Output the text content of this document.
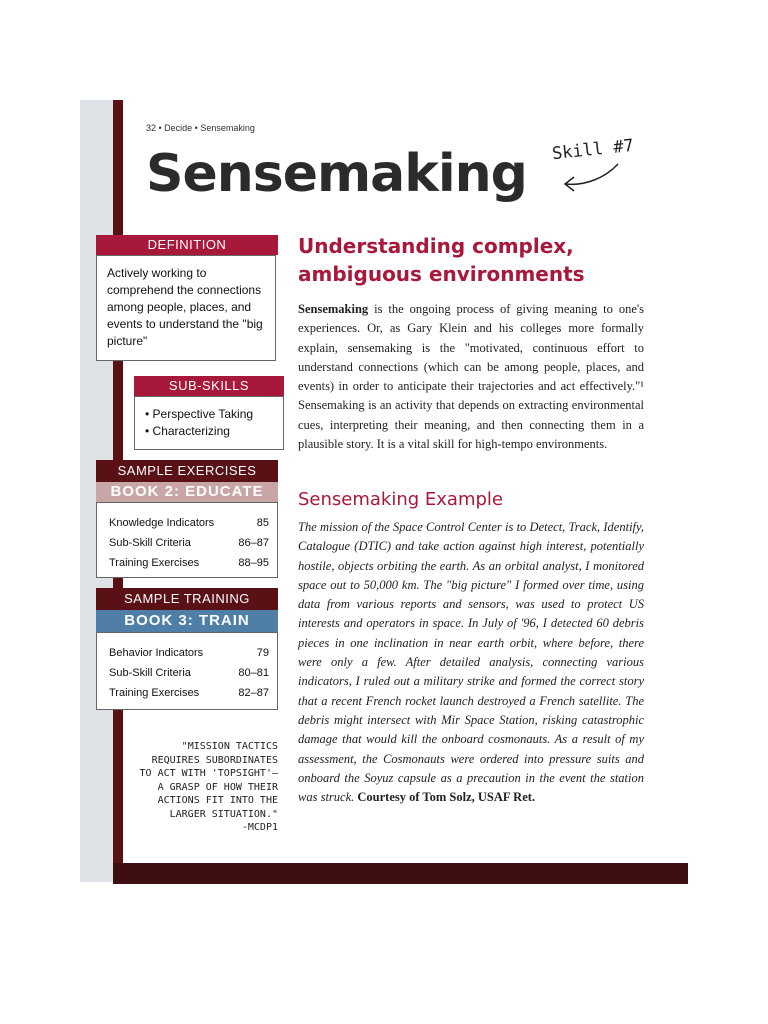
32 • Decide • Sensemaking
Sensemaking Skill #7
DEFINITION
Actively working to comprehend the connections among people, places, and events to understand the "big picture"
SUB-SKILLS
• Perspective Taking
• Characterizing
SAMPLE EXERCISES
BOOK 2: EDUCATE
Knowledge Indicators	85
Sub-Skill Criteria	86–87
Training Exercises	88–95
SAMPLE TRAINING
BOOK 3: TRAIN
Behavior Indicators	79
Sub-Skill Criteria	80–81
Training Exercises	82–87
"MISSION TACTICS REQUIRES SUBORDINATES TO ACT WITH 'TOPSIGHT'—A GRASP OF HOW THEIR ACTIONS FIT INTO THE LARGER SITUATION."
-MCDP1
Understanding complex, ambiguous environments
Sensemaking is the ongoing process of giving meaning to one's experiences. Or, as Gary Klein and his colleges more formally explain, sensemaking is the "motivated, continuous effort to understand connections (which can be among people, places, and events) in order to anticipate their trajectories and act effectively."¹ Sensemaking is an activity that depends on extracting environmental cues, interpreting their meaning, and then connecting them in a plausible story. It is a vital skill for high-tempo environments.
Sensemaking Example
The mission of the Space Control Center is to Detect, Track, Identify, Catalogue (DTIC) and take action against high interest, potentially hostile, objects orbiting the earth. As an orbital analyst, I monitored space out to 50,000 km. The "big picture" I formed over time, using data from various reports and sensors, was used to protect US interests and operators in space. In July of '96, I detected 60 debris pieces in one inclination in near earth orbit, where before, there were only a few. After detailed analysis, connecting various indicators, I ruled out a military strike and formed the correct story that a recent French rocket launch destroyed a French satellite. The debris might intersect with Mir Space Station, risking catastrophic damage that would kill the onboard cosmonauts. As a result of my assessment, the Cosmonauts were ordered into pressure suits and onboard the Soyuz capsule as a precaution in the event the station was struck. Courtesy of Tom Solz, USAF Ret.
